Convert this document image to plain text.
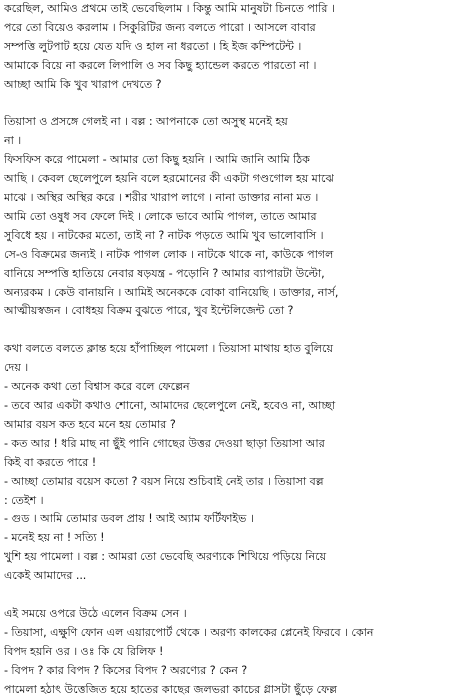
করেছিল, আমিও প্রথমে তাই ভেবেছিলাম । কিন্তু আমি মানুষটা চিনতে পারি ।
পরে তো বিয়েও করলাম । সিকুরিটির জন্য বলতে পারো । আসলে বাবার
সম্পত্তি লুটপাট হয়ে যেত যদি ও হাল না ধরতো । হি ইজ কম্পিটেন্ট ।
আমাকে বিয়ে না করলে লিপালি ও সব কিছু হ্যান্ডেল করতে পারতো না ।
আচ্ছা আমি কি খুব খারাপ দেখতে ?
তিয়াসা ও প্রসঙ্গে গেলই না । বল্ল : আপনাকে তো অসুস্থ মনেই হয়
না ।
ফিসফিস করে পামেলা - আমার তো কিছু হয়নি । আমি জানি আমি ঠিক
আছি । কেবল ছেলেপুলে হয়নি বলে হরমোনের কী একটা গণ্ডগোল হয় মাঝে
মাঝে । অস্থির অস্থির করে । শরীর খারাপ লাগে । নানা ডাক্তার নানা মত ।
আমি তো ওষুধ সব ফেলে দিই । লোকে ভাবে আমি পাগল, তাতে আমার
সুবিধে হয় । নাটকের মতো, তাই না ? নাটক পড়তে আমি খুব ভালোবাসি ।
সে-ও বিক্রমের জন্যই । নাটক পাগল লোক । নাটকে থাকে না, কাউকে পাগল
বানিয়ে সম্পত্তি হাতিয়ে নেবার ষড়যন্ত্র - পড়োনি ? আমার ব্যাপারটা উল্টো,
অন্যরকম । কেউ বানায়নি । আমিই অনেককে বোকা বানিয়েছি । ডাক্তার, নার্স,
আত্মীয়স্বজন । বোধহয় বিক্রম বুঝতে পারে, খুব ইন্টেলিজেন্ট তো ?
কথা বলতে বলতে ক্লান্ত হয়ে হাঁপাচ্ছিল পামেলা । তিয়াসা মাথায় হাত বুলিয়ে
দেয় ।
- অনেক কথা তো বিশ্বাস করে বলে ফেল্লেন
- তবে আর একটা কথাও শোনো, আমাদের ছেলেপুলে নেই, হবেও না, আচ্ছা
আমার বয়স কত হবে মনে হয় তোমার ?
- কত আর ! ধরি মাছ না ছুঁই পানি গোছের উত্তর দেওয়া ছাড়া তিয়াসা আর
কিই বা করতে পারে !
- আচ্ছা তোমার বয়েস কতো ? বয়স নিয়ে শুচিবাই নেই তার । তিয়াসা বল্ল
: তেইশ ।
- গুড । আমি তোমার ডবল প্রায় ! আই অ্যাম ফর্টিফাইভ ।
- মনেই হয় না ! সত্যি !
খুশি হয় পামেলা । বল্ল : আমরা তো ভেবেছি অরণ্যকে শিখিয়ে পড়িয়ে নিয়ে
একেই আমাদের ...
এই সময়ে ওপরে উঠে এলেন বিক্রম সেন ।
- তিয়াসা, এক্ষুণি ফোন এল এয়ারপোর্ট থেকে । অরণ্য কালকের প্লেনেই ফিরবে । কোন
বিপদ হয়নি ওর । ওঃ কি যে রিলিফ !
- বিপদ ? কার বিপদ ? কিসের বিপদ ? অরণ্যের ? কেন ?
পামেলা হঠাৎ উত্তেজিত হয়ে হাতের কাছের জলভরা কাচের গ্লাসটা ছুঁড়ে ফেল্ল
